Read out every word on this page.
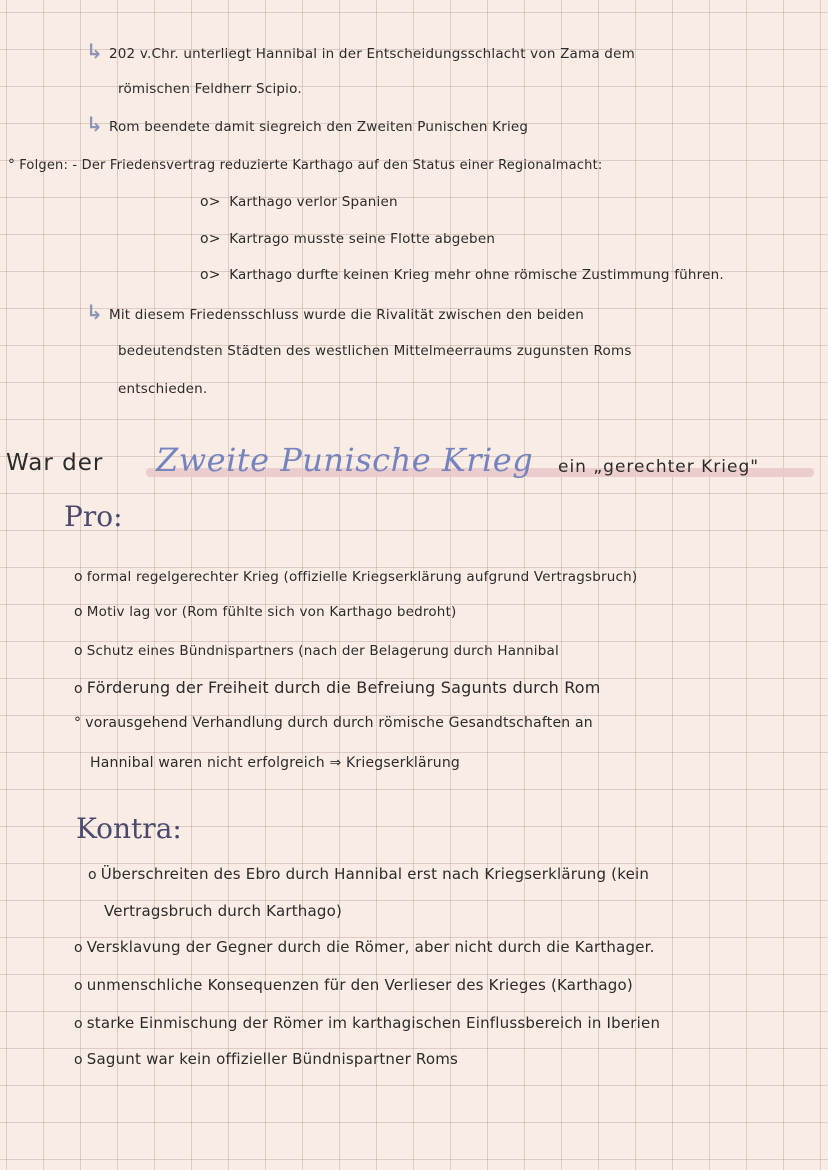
↳ 202 v.Chr. unterliegt Hannibal in der Entscheidungsschlacht von Zama dem
römischen Feldherr Scipio.
↳ Rom beendete damit siegreich den Zweiten Punischen Krieg
° Folgen: - Der Friedensvertrag reduzierte Karthago auf den Status einer Regionalmacht:
o> Karthago verlor Spanien
o> Kartrago musste seine Flotte abgeben
o> Karthago durfte keinen Krieg mehr ohne römische Zustimmung führen.
↳ Mit diesem Friedensschluss wurde die Rivalität zwischen den beiden
bedeutendsten Städten des westlichen Mittelmeerraums zugunsten Roms
entschieden.
War der Zweite Punische Krieg ein „gerechter Krieg"
Pro:
o formal regelgerechter Krieg (offizielle Kriegserklärung aufgrund Vertragsbruch)
o Motiv lag vor (Rom fühlte sich von Karthago bedroht)
o Schutz eines Bündnispartners (nach der Belagerung durch Hannibal
o Förderung der Freiheit durch die Befreiung Sagunts durch Rom
° vorausgehend Verhandlung durch durch römische Gesandtschaften an
Hannibal waren nicht erfolgreich ⇒ Kriegserklärung
Kontra:
o Überschreiten des Ebro durch Hannibal erst nach Kriegserklärung (kein
Vertragsbruch durch Karthago)
o Versklavung der Gegner durch die Römer, aber nicht durch die Karthager.
o unmenschliche Konsequenzen für den Verlieser des Krieges (Karthago)
o starke Einmischung der Römer im karthagischen Einflussbereich in Iberien
o Sagunt war kein offizieller Bündnispartner Roms
